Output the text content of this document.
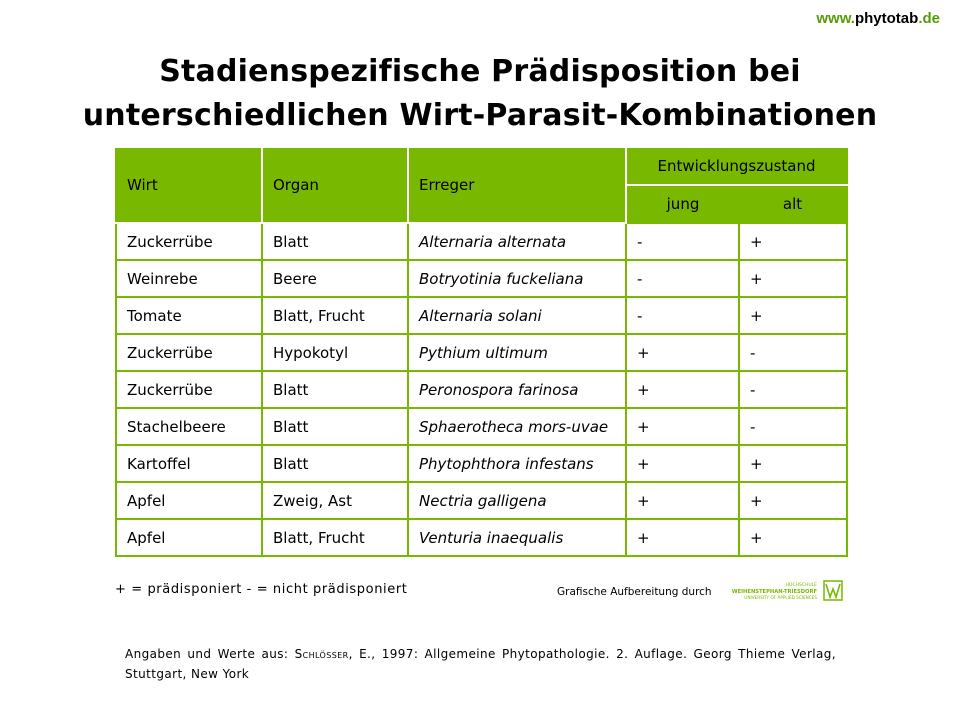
www.phytotab.de
Stadienspezifische Prädisposition bei
unterschiedlichen Wirt-Parasit-Kombinationen
Wirt	Organ	Erreger	Entwicklungszustand	
			jung	alt
Zuckerrübe	Blatt	Alternaria alternata	-	+
Weinrebe	Beere	Botryotinia fuckeliana	-	+
Tomate	Blatt, Frucht	Alternaria solani	-	+
Zuckerrübe	Hypokotyl	Pythium ultimum	+	-
Zuckerrübe	Blatt	Peronospora farinosa	+	-
Stachelbeere	Blatt	Sphaerotheca mors-uvae	+	-
Kartoffel	Blatt	Phytophthora infestans	+	+
Apfel	Zweig, Ast	Nectria galligena	+	+
Apfel	Blatt, Frucht	Venturia inaequalis	+	+
+ = prädisponiert - = nicht prädisponiert	Grafische Aufbereitung durch
HOCHSCHULE
WEIHENSTEPHAN-TRIESDORF
UNIVERSITY OF APPLIED SCIENCES
Angaben und Werte aus: Schlösser, E., 1997: Allgemeine Phytopathologie. 2. Auflage. Georg Thieme Verlag, Stuttgart, New York
